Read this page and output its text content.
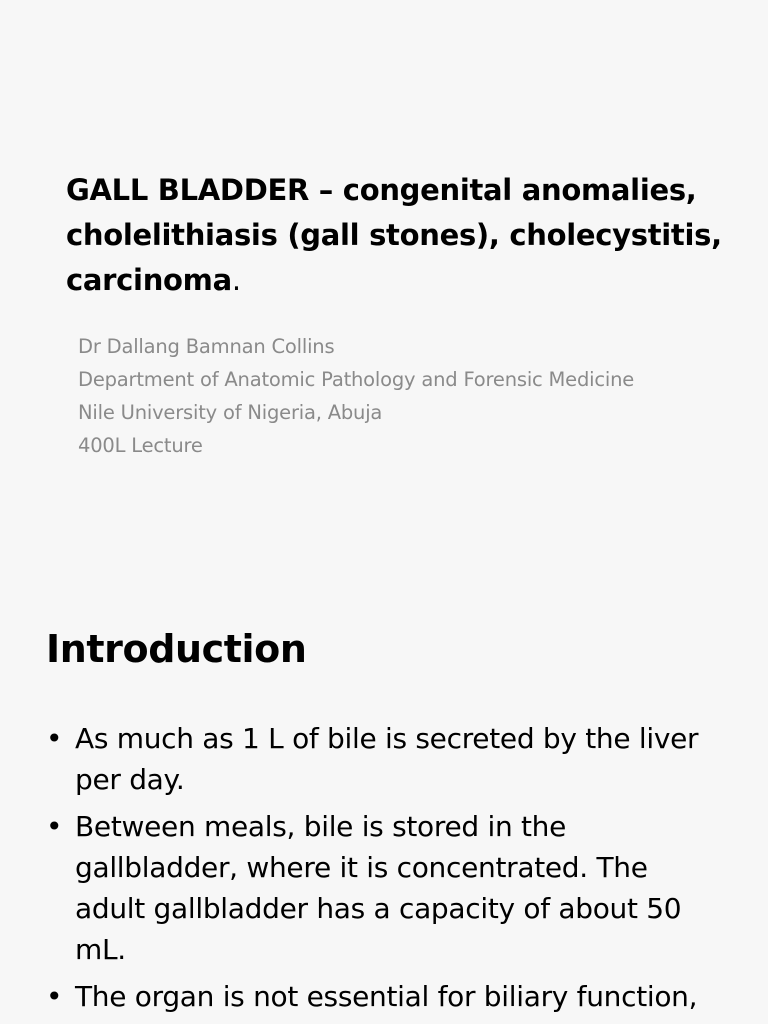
GALL BLADDER – congenital anomalies, cholelithiasis (gall stones), cholecystitis, carcinoma.
Dr Dallang Bamnan Collins
Department of Anatomic Pathology and Forensic Medicine
Nile University of Nigeria, Abuja
400L Lecture
Introduction
• As much as 1 L of bile is secreted by the liver per day.
• Between meals, bile is stored in the gallbladder, where it is concentrated. The adult gallbladder has a capacity of about 50 mL.
• The organ is not essential for biliary function,
